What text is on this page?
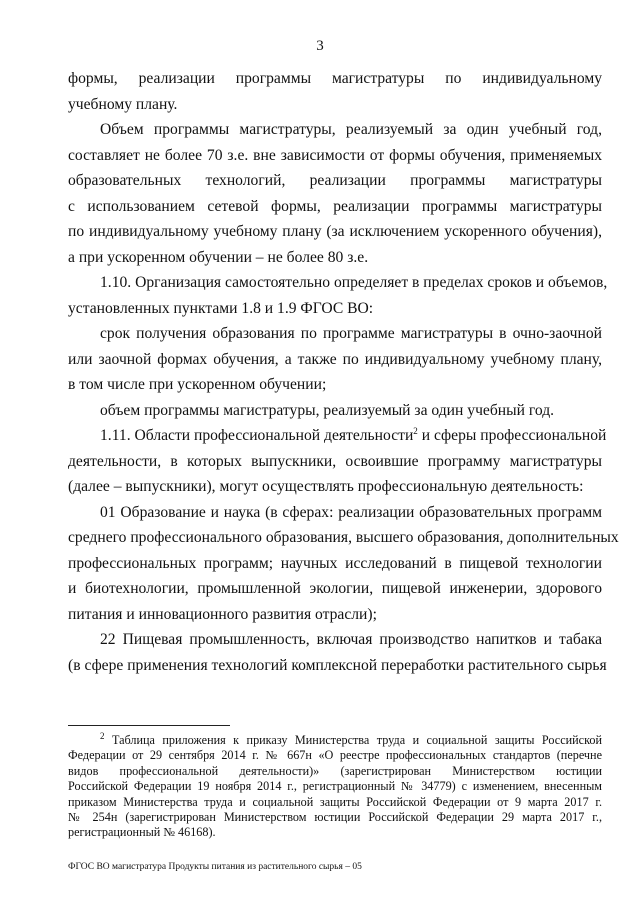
3
формы, реализации программы магистратуры по индивидуальному
учебному плану.
Объем программы магистратуры, реализуемый за один учебный год,
составляет не более 70 з.е. вне зависимости от формы обучения, применяемых
образовательных технологий, реализации программы магистратуры
с использованием сетевой формы, реализации программы магистратуры
по индивидуальному учебному плану (за исключением ускоренного обучения),
а при ускоренном обучении – не более 80 з.е.
1.10. Организация самостоятельно определяет в пределах сроков и объемов,
установленных пунктами 1.8 и 1.9 ФГОС ВО:
срок получения образования по программе магистратуры в очно-заочной
или заочной формах обучения, а также по индивидуальному учебному плану,
в том числе при ускоренном обучении;
объем программы магистратуры, реализуемый за один учебный год.
1.11. Области профессиональной деятельности$^2$ и сферы профессиональной
деятельности, в которых выпускники, освоившие программу магистратуры
(далее – выпускники), могут осуществлять профессиональную деятельность:
01 Образование и наука (в сферах: реализации образовательных программ
среднего профессионального образования, высшего образования, дополнительных
профессиональных программ; научных исследований в пищевой технологии
и биотехнологии, промышленной экологии, пищевой инженерии, здорового
питания и инновационного развития отрасли);
22 Пищевая промышленность, включая производство напитков и табака
(в сфере применения технологий комплексной переработки растительного сырья
$^2$ Таблица приложения к приказу Министерства труда и социальной защиты Российской
Федерации от 29 сентября 2014 г. № 667н «О реестре профессиональных стандартов (перечне
видов профессиональной деятельности)» (зарегистрирован Министерством юстиции
Российской Федерации 19 ноября 2014 г., регистрационный № 34779) с изменением, внесенным
приказом Министерства труда и социальной защиты Российской Федерации от 9 марта 2017 г.
№ 254н (зарегистрирован Министерством юстиции Российской Федерации 29 марта 2017 г.,
регистрационный № 46168).
ФГОС ВО магистратура Продукты питания из растительного сырья – 05
